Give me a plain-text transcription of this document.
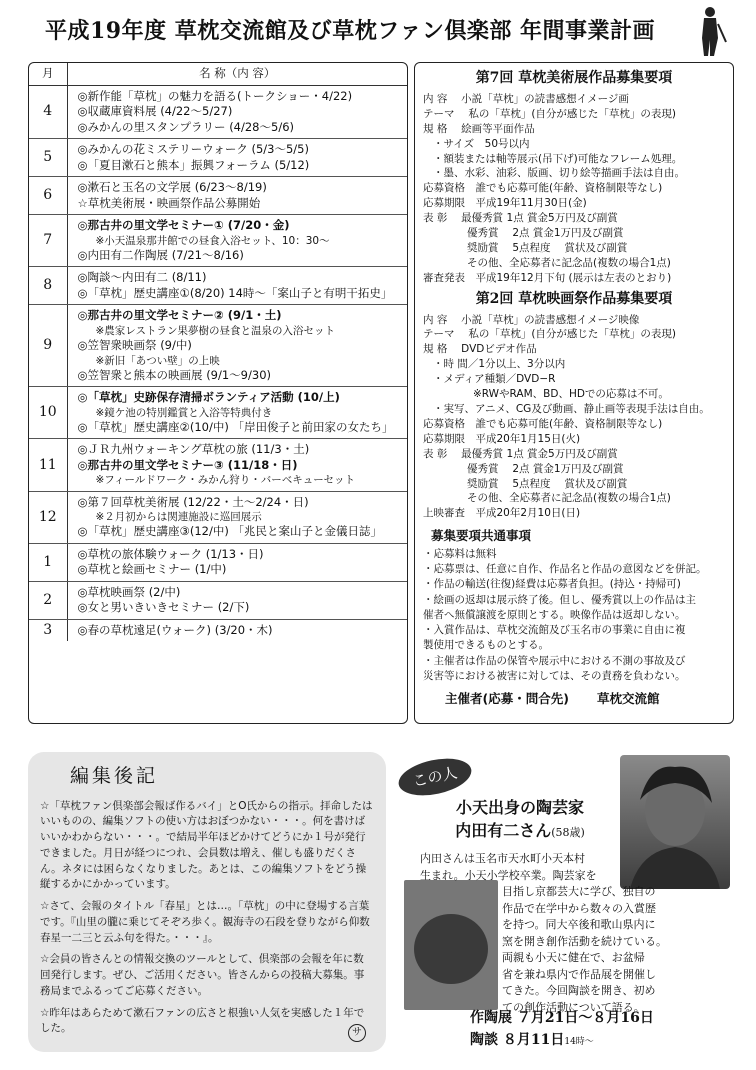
平成19年度 草枕交流館及び草枕ファン倶楽部 年間事業計画
月	名 称（内 容）
4	◎新作能「草枕」の魅力を語る(トークショー・4/22)
◎収蔵庫資料展 (4/22〜5/27)
◎みかんの里スタンプラリー (4/28〜5/6)

5	◎みかんの花ミステリーウォーク (5/3〜5/5)
◎「夏目漱石と熊本」振興フォーラム (5/12)

6	◎漱石と玉名の文学展 (6/23〜8/19)
☆草枕美術展・映画祭作品公募開始

7	◎那古井の里文学セミナー① (7/20・金)
※小天温泉那井館での昼食入浴セット、10：30〜
◎内田有二作陶展 (7/21〜8/16)

8	◎陶談〜内田有二 (8/11)
◎「草枕」歴史講座①(8/20) 14時〜「案山子と有明干拓史」

9	◎那古井の里文学セミナー② (9/1・土)
※農家レストラン果夢樹の昼食と温泉の入浴セット
◎笠智衆映画祭 (9/中)
※新旧「あつい壁」の上映
◎笠智衆と熊本の映画展 (9/1〜9/30)

10	◎「草枕」史跡保存清掃ボランティア活動 (10/上)
※鏡ケ池の特別鑑賞と入浴等特典付き
◎「草枕」歴史講座②(10/中) 「岸田俊子と前田家の女たち」

11	◎ＪＲ九州ウォーキング草枕の旅 (11/3・土)
◎那古井の里文学セミナー③ (11/18・日)
※フィールドワーク・みかん狩り・バーベキューセット

12	◎第７回草枕美術展 (12/22・土〜2/24・日)
※２月初からは関連施設に巡回展示
◎「草枕」歴史講座③(12/中) 「兆民と案山子と金儀日誌」

1	◎草枕の旅体験ウォーク (1/13・日)
◎草枕と絵画セミナー (1/中)

2	◎草枕映画祭 (2/中)
◎女と男いきいきセミナー (2/下)

3	◎春の草枕遠足(ウォーク) (3/20・木)
第7回 草枕美術展作品募集要項
内 容　 小説「草枕」の読書感想イメージ画
テーマ　 私の「草枕」(自分が感じた「草枕」の表現)
規 格　 絵画等平面作品
・サイズ　50号以内
・額装または軸等展示(吊下げ)可能なフレーム処理。
・墨、水彩、油彩、版画、切り絵等描画手法は自由。
応募資格　誰でも応募可能(年齢、資格制限等なし)
応募期限　平成19年11月30日(金)
表 彰　 最優秀賞 1点 賞金5万円及び副賞
優秀賞　 2点 賞金1万円及び副賞
奨励賞　 5点程度　 賞状及び副賞
その他、全応募者に記念品(複数の場合1点)
審査発表　平成19年12月下旬 (展示は左表のとおり)
第2回 草枕映画祭作品募集要項
内 容　 小説「草枕」の読書感想イメージ映像
テーマ　 私の「草枕」(自分が感じた「草枕」の表現)
規 格　 DVDビデオ作品
・時 間／1分以上、3分以内
・メディア種類／DVD−R
※RWやRAM、BD、HDでの応募は不可。
・実写、アニメ、CG及び動画、静止画等表現手法は自由。
応募資格　誰でも応募可能(年齢、資格制限等なし)
応募期限　平成20年1月15日(火)
表 彰　 最優秀賞 1点 賞金5万円及び副賞
優秀賞　 2点 賞金1万円及び副賞
奨励賞　 5点程度　 賞状及び副賞
その他、全応募者に記念品(複数の場合1点)
上映審査　平成20年2月10日(日)
募集要項共通事項
・応募料は無料
・応募票は、任意に自作、作品名と作品の意図などを併記。
・作品の輸送(往復)経費は応募者負担。(持込・持帰可)
・絵画の返却は展示終了後。但し、優秀賞以上の作品は主
催者へ無償譲渡を原則とする。映像作品は返却しない。
・入賞作品は、草枕交流館及び玉名市の事業に自由に複
製使用できるものとする。
・主催者は作品の保管や展示中における不測の事故及び
災害等における被害に対しては、その責務を負わない。
主催者(応募・問合先) 草枕交流館
編集後記

☆「草枕ファン倶楽部会報ば作るバイ」とO氏からの指示。拝命したはいいものの、編集ソフトの使い方はおぼつかない・・・。何を書けばいいかわからない・・・。で結局半年ほどかけてどうにか１号が発行できました。月日が経つにつれ、会員数は増え、催しも盛りだくさん。ネタには困らなくなりました。あとは、この編集ソフトをどう操縦するかにかかっています。

☆さて、会報のタイトル「春星」とは…。「草枕」の中に登場する言葉です。『山里の朧に乗じてそぞろ歩く。観海寺の石段を登りながら仰数春星一二三と云ふ句を得た。・・・』。

☆会員の皆さんとの情報交換のツールとして、倶楽部の会報を年に数回発行します。ぜひ、ご活用ください。皆さんからの投稿大募集。事務局までふるってご応募ください。

☆昨年はあらためて漱石ファンの広さと根強い人気を実感した１年でした。	サ
この人
小天出身の陶芸家
内田有二さん(58歳)
内田さんは玉名市天水町小天本村
生まれ。小天小学校卒業。陶芸家を
目指し京都芸大に学び、独自の
作品で在学中から数々の入賞歴
を持つ。同大卒後和歌山県内に
窯を開き創作活動を続けている。
両親も小天に健在で、お盆帰
省を兼ね県内で作品展を開催し
てきた。今回陶談を開き、初め
ての創作活動について語る。
作陶展 ７月21日～８月16日
陶談 ８月11日14時～
